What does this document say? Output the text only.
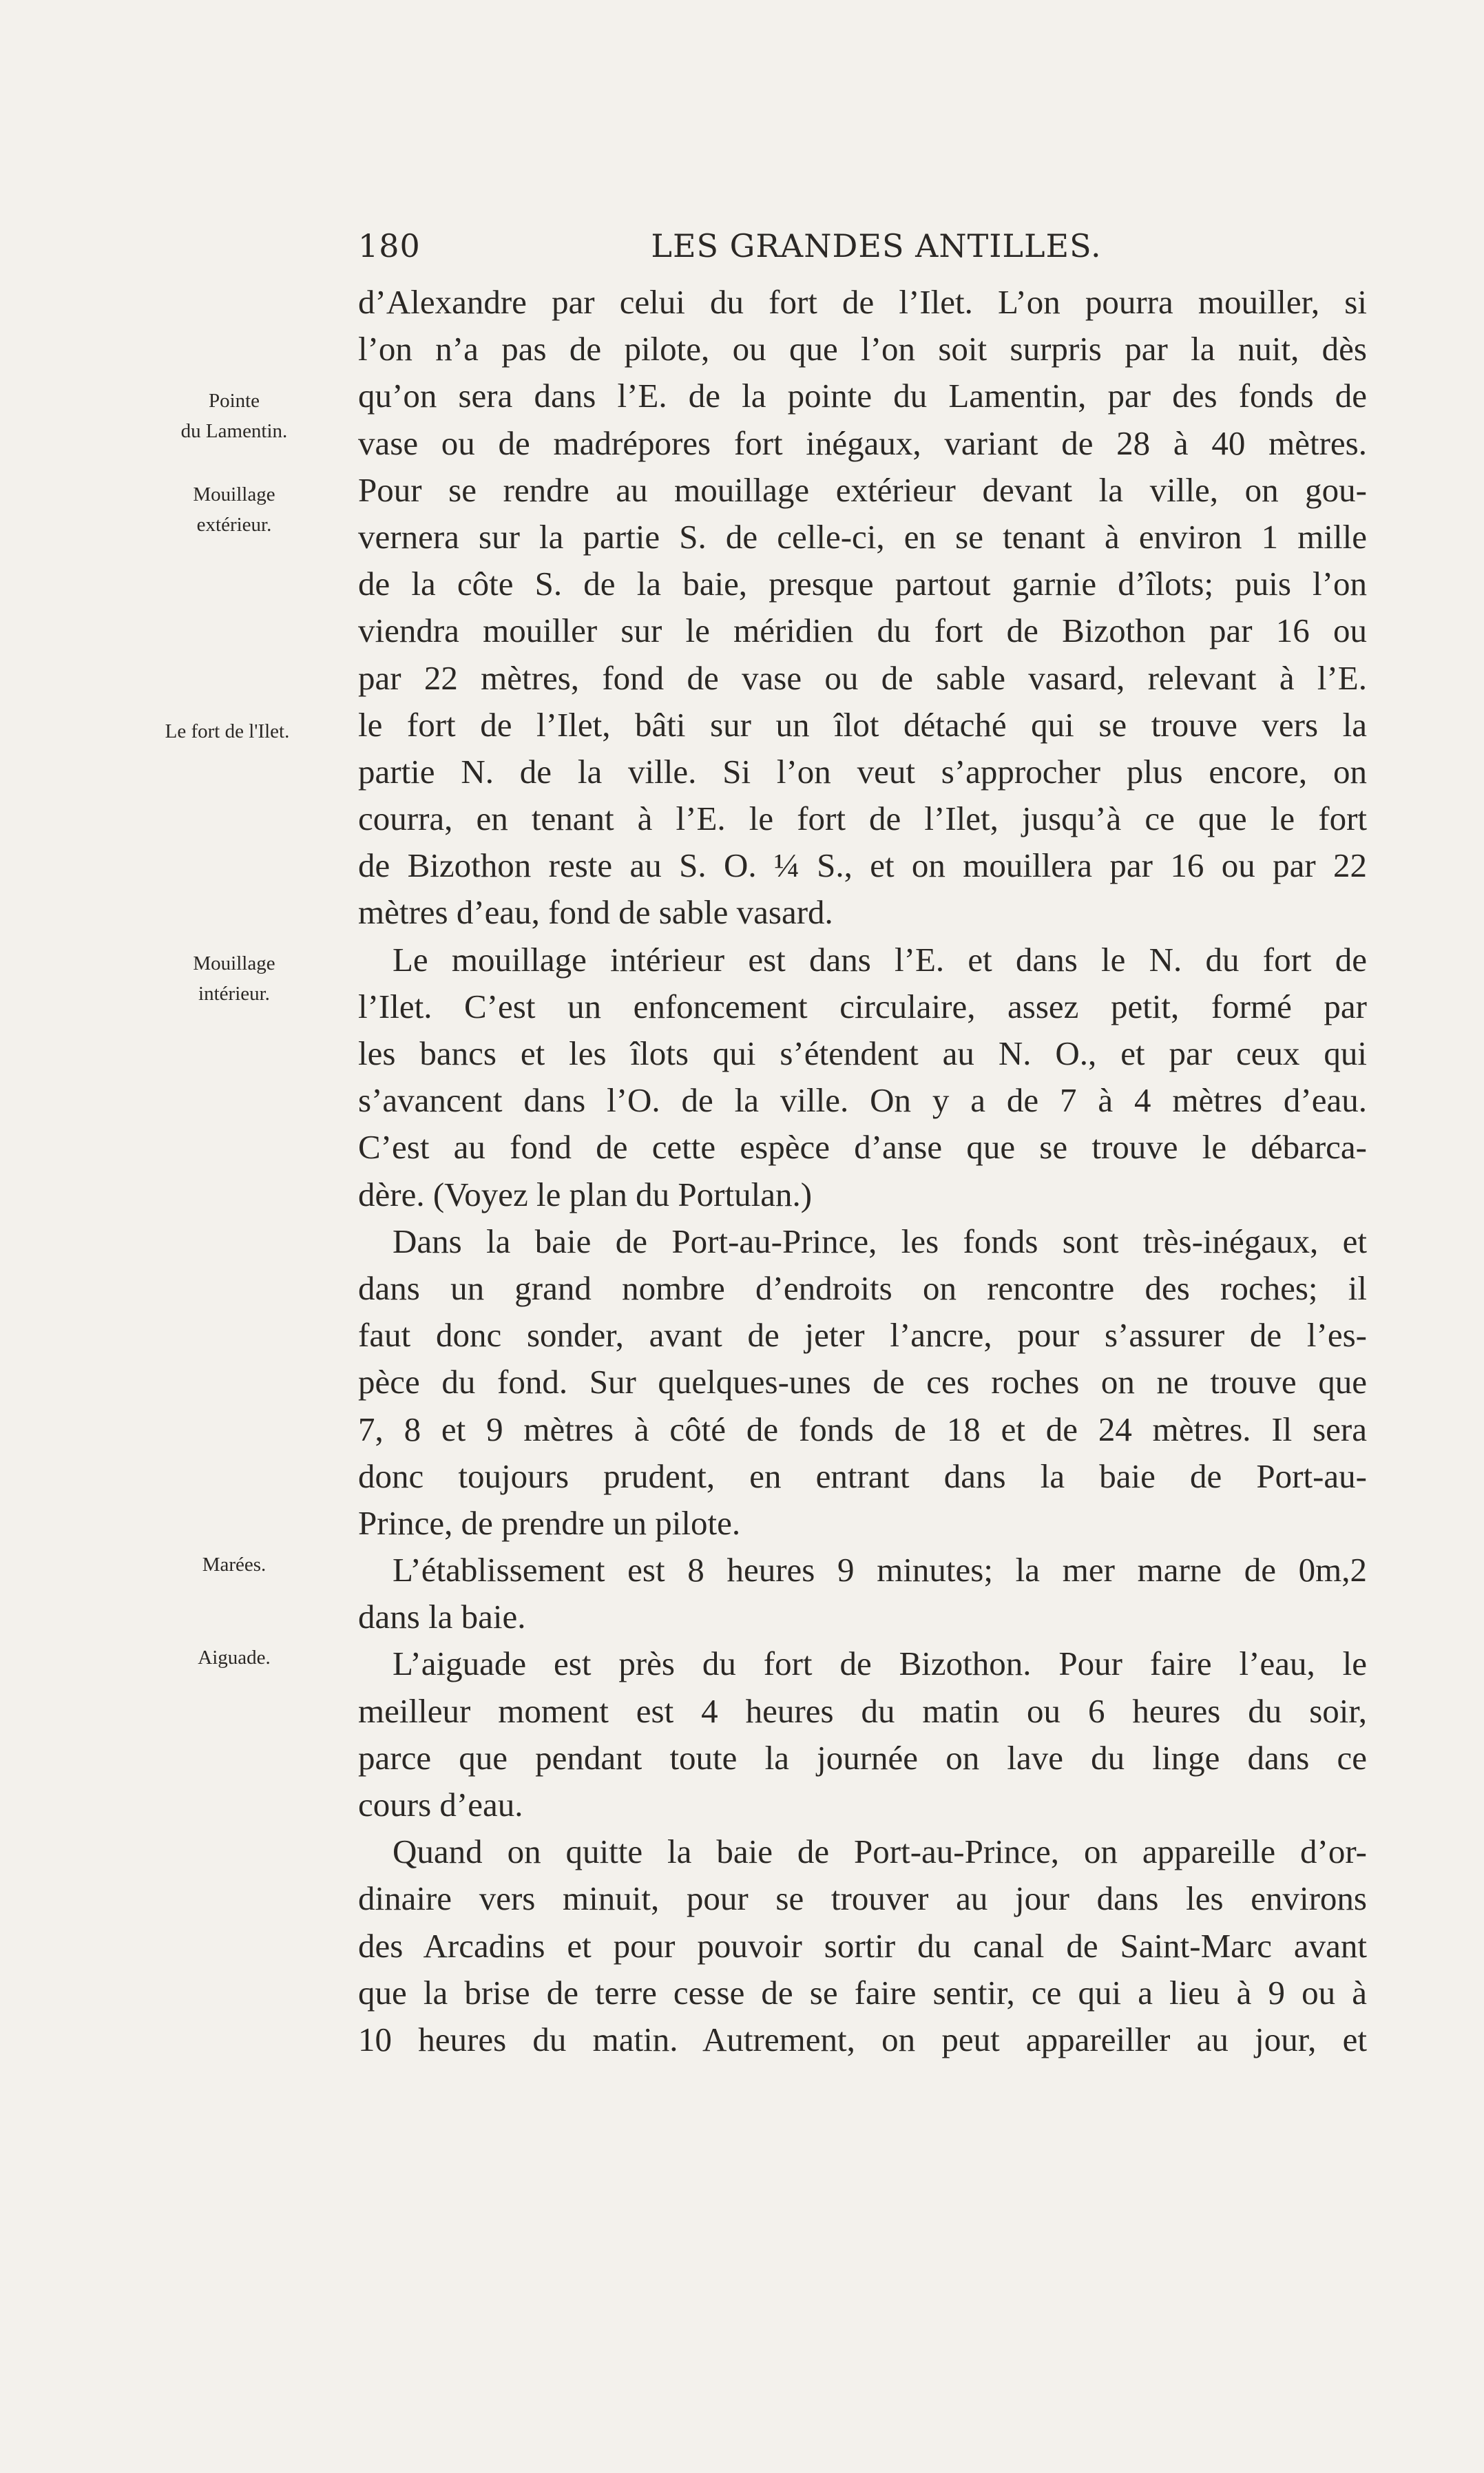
180	LES GRANDES ANTILLES.
Pointe
du Lamentin.
Mouillage
extérieur.
Le fort de l'Ilet.
Mouillage
intérieur.
Marées.
Aiguade.
d’Alexandre par celui du fort de l’Ilet. L’on pourra mouiller, si
l’on n’a pas de pilote, ou que l’on soit surpris par la nuit, dès
qu’on sera dans l’E. de la pointe du Lamentin, par des fonds de
vase ou de madrépores fort inégaux, variant de 28 à 40 mètres.
Pour se rendre au mouillage extérieur devant la ville, on gou-
vernera sur la partie S. de celle-ci, en se tenant à environ 1 mille
de la côte S. de la baie, presque partout garnie d’îlots; puis l’on
viendra mouiller sur le méridien du fort de Bizothon par 16 ou
par 22 mètres, fond de vase ou de sable vasard, relevant à l’E.
le fort de l’Ilet, bâti sur un îlot détaché qui se trouve vers la
partie N. de la ville. Si l’on veut s’approcher plus encore, on
courra, en tenant à l’E. le fort de l’Ilet, jusqu’à ce que le fort
de Bizothon reste au S. O. ¼ S., et on mouillera par 16 ou par 22
mètres d’eau, fond de sable vasard.
Le mouillage intérieur est dans l’E. et dans le N. du fort de
l’Ilet. C’est un enfoncement circulaire, assez petit, formé par
les bancs et les îlots qui s’étendent au N. O., et par ceux qui
s’avancent dans l’O. de la ville. On y a de 7 à 4 mètres d’eau.
C’est au fond de cette espèce d’anse que se trouve le débarca-
dère. (Voyez le plan du Portulan.)
Dans la baie de Port-au-Prince, les fonds sont très-inégaux, et
dans un grand nombre d’endroits on rencontre des roches; il
faut donc sonder, avant de jeter l’ancre, pour s’assurer de l’es-
pèce du fond. Sur quelques-unes de ces roches on ne trouve que
7, 8 et 9 mètres à côté de fonds de 18 et de 24 mètres. Il sera
donc toujours prudent, en entrant dans la baie de Port-au-
Prince, de prendre un pilote.
L’établissement est 8 heures 9 minutes; la mer marne de 0m,2
dans la baie.
L’aiguade est près du fort de Bizothon. Pour faire l’eau, le
meilleur moment est 4 heures du matin ou 6 heures du soir,
parce que pendant toute la journée on lave du linge dans ce
cours d’eau.
Quand on quitte la baie de Port-au-Prince, on appareille d’or-
dinaire vers minuit, pour se trouver au jour dans les environs
des Arcadins et pour pouvoir sortir du canal de Saint-Marc avant
que la brise de terre cesse de se faire sentir, ce qui a lieu à 9 ou à
10 heures du matin. Autrement, on peut appareiller au jour, et
